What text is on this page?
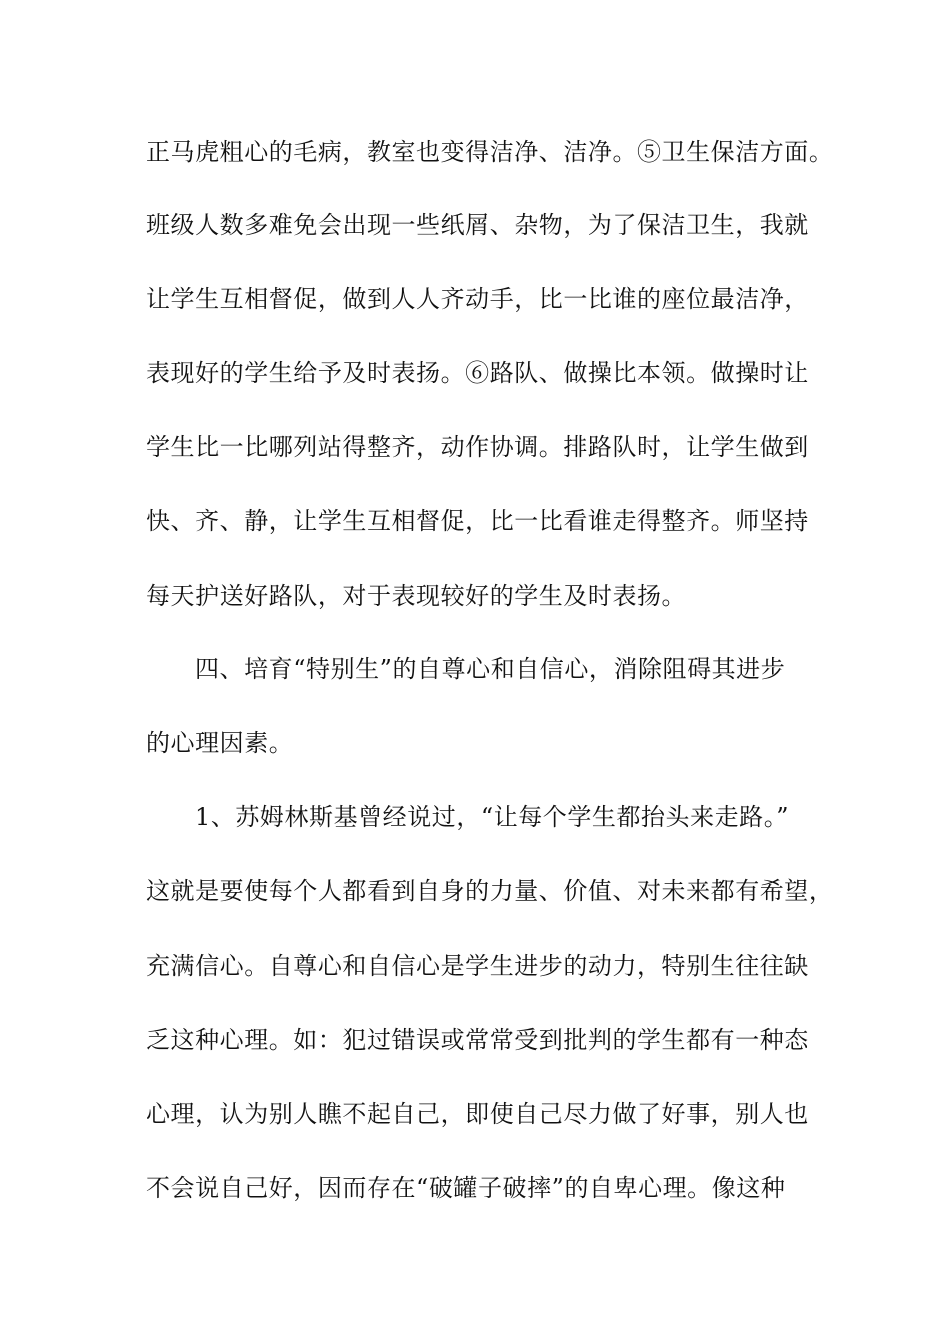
正马虎粗心的毛病，教室也变得洁净、洁净。⑤卫生保洁方面。
班级人数多难免会出现一些纸屑、杂物，为了保洁卫生，我就
让学生互相督促，做到人人齐动手，比一比谁的座位最洁净，
表现好的学生给予及时表扬。⑥路队、做操比本领。做操时让
学生比一比哪列站得整齐，动作协调。排路队时，让学生做到
快、齐、静，让学生互相督促，比一比看谁走得整齐。师坚持
每天护送好路队，对于表现较好的学生及时表扬。
四、培育“特别生”的自尊心和自信心，消除阻碍其进步
的心理因素。
1、苏姆林斯基曾经说过，“让每个学生都抬头来走路。”
这就是要使每个人都看到自身的力量、价值、对未来都有希望，
充满信心。自尊心和自信心是学生进步的动力，特别生往往缺
乏这种心理。如：犯过错误或常常受到批判的学生都有一种态
心理，认为别人瞧不起自己，即使自己尽力做了好事，别人也
不会说自己好，因而存在“破罐子破摔”的自卑心理。像这种
